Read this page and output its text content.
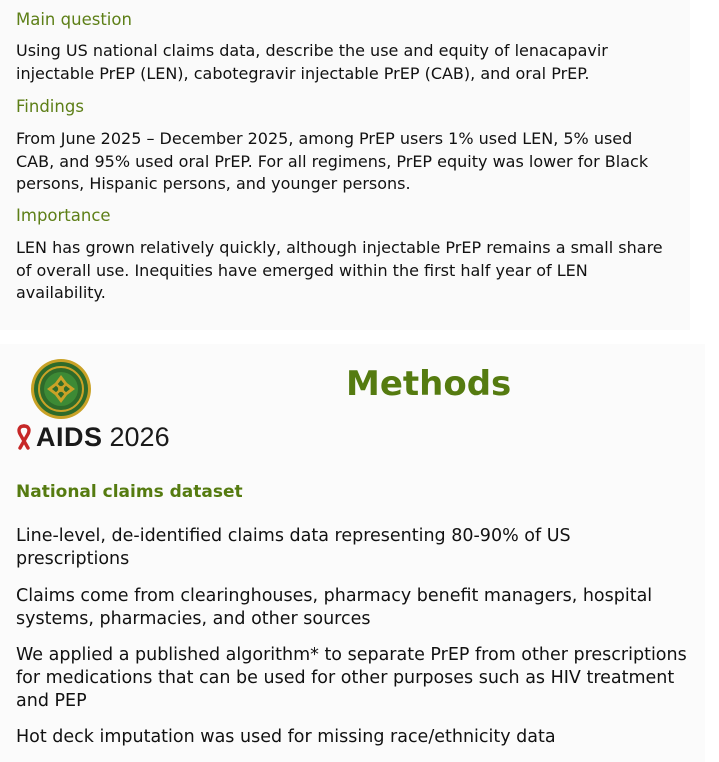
Main question
Using US national claims data, describe the use and equity of lenacapavir injectable PrEP (LEN), cabotegravir injectable PrEP (CAB), and oral PrEP.
Findings
From June 2025 – December 2025, among PrEP users 1% used LEN, 5% used CAB, and 95% used oral PrEP. For all regimens, PrEP equity was lower for Black persons, Hispanic persons, and younger persons.
Importance
LEN has grown relatively quickly, although injectable PrEP remains a small share of overall use. Inequities have emerged within the first half year of LEN availability.
AIDS 2026
Methods
National claims dataset
Line-level, de-identified claims data representing 80-90% of US prescriptions
Claims come from clearinghouses, pharmacy benefit managers, hospital systems, pharmacies, and other sources
We applied a published algorithm* to separate PrEP from other prescriptions for medications that can be used for other purposes such as HIV treatment and PEP
Hot deck imputation was used for missing race/ethnicity data
